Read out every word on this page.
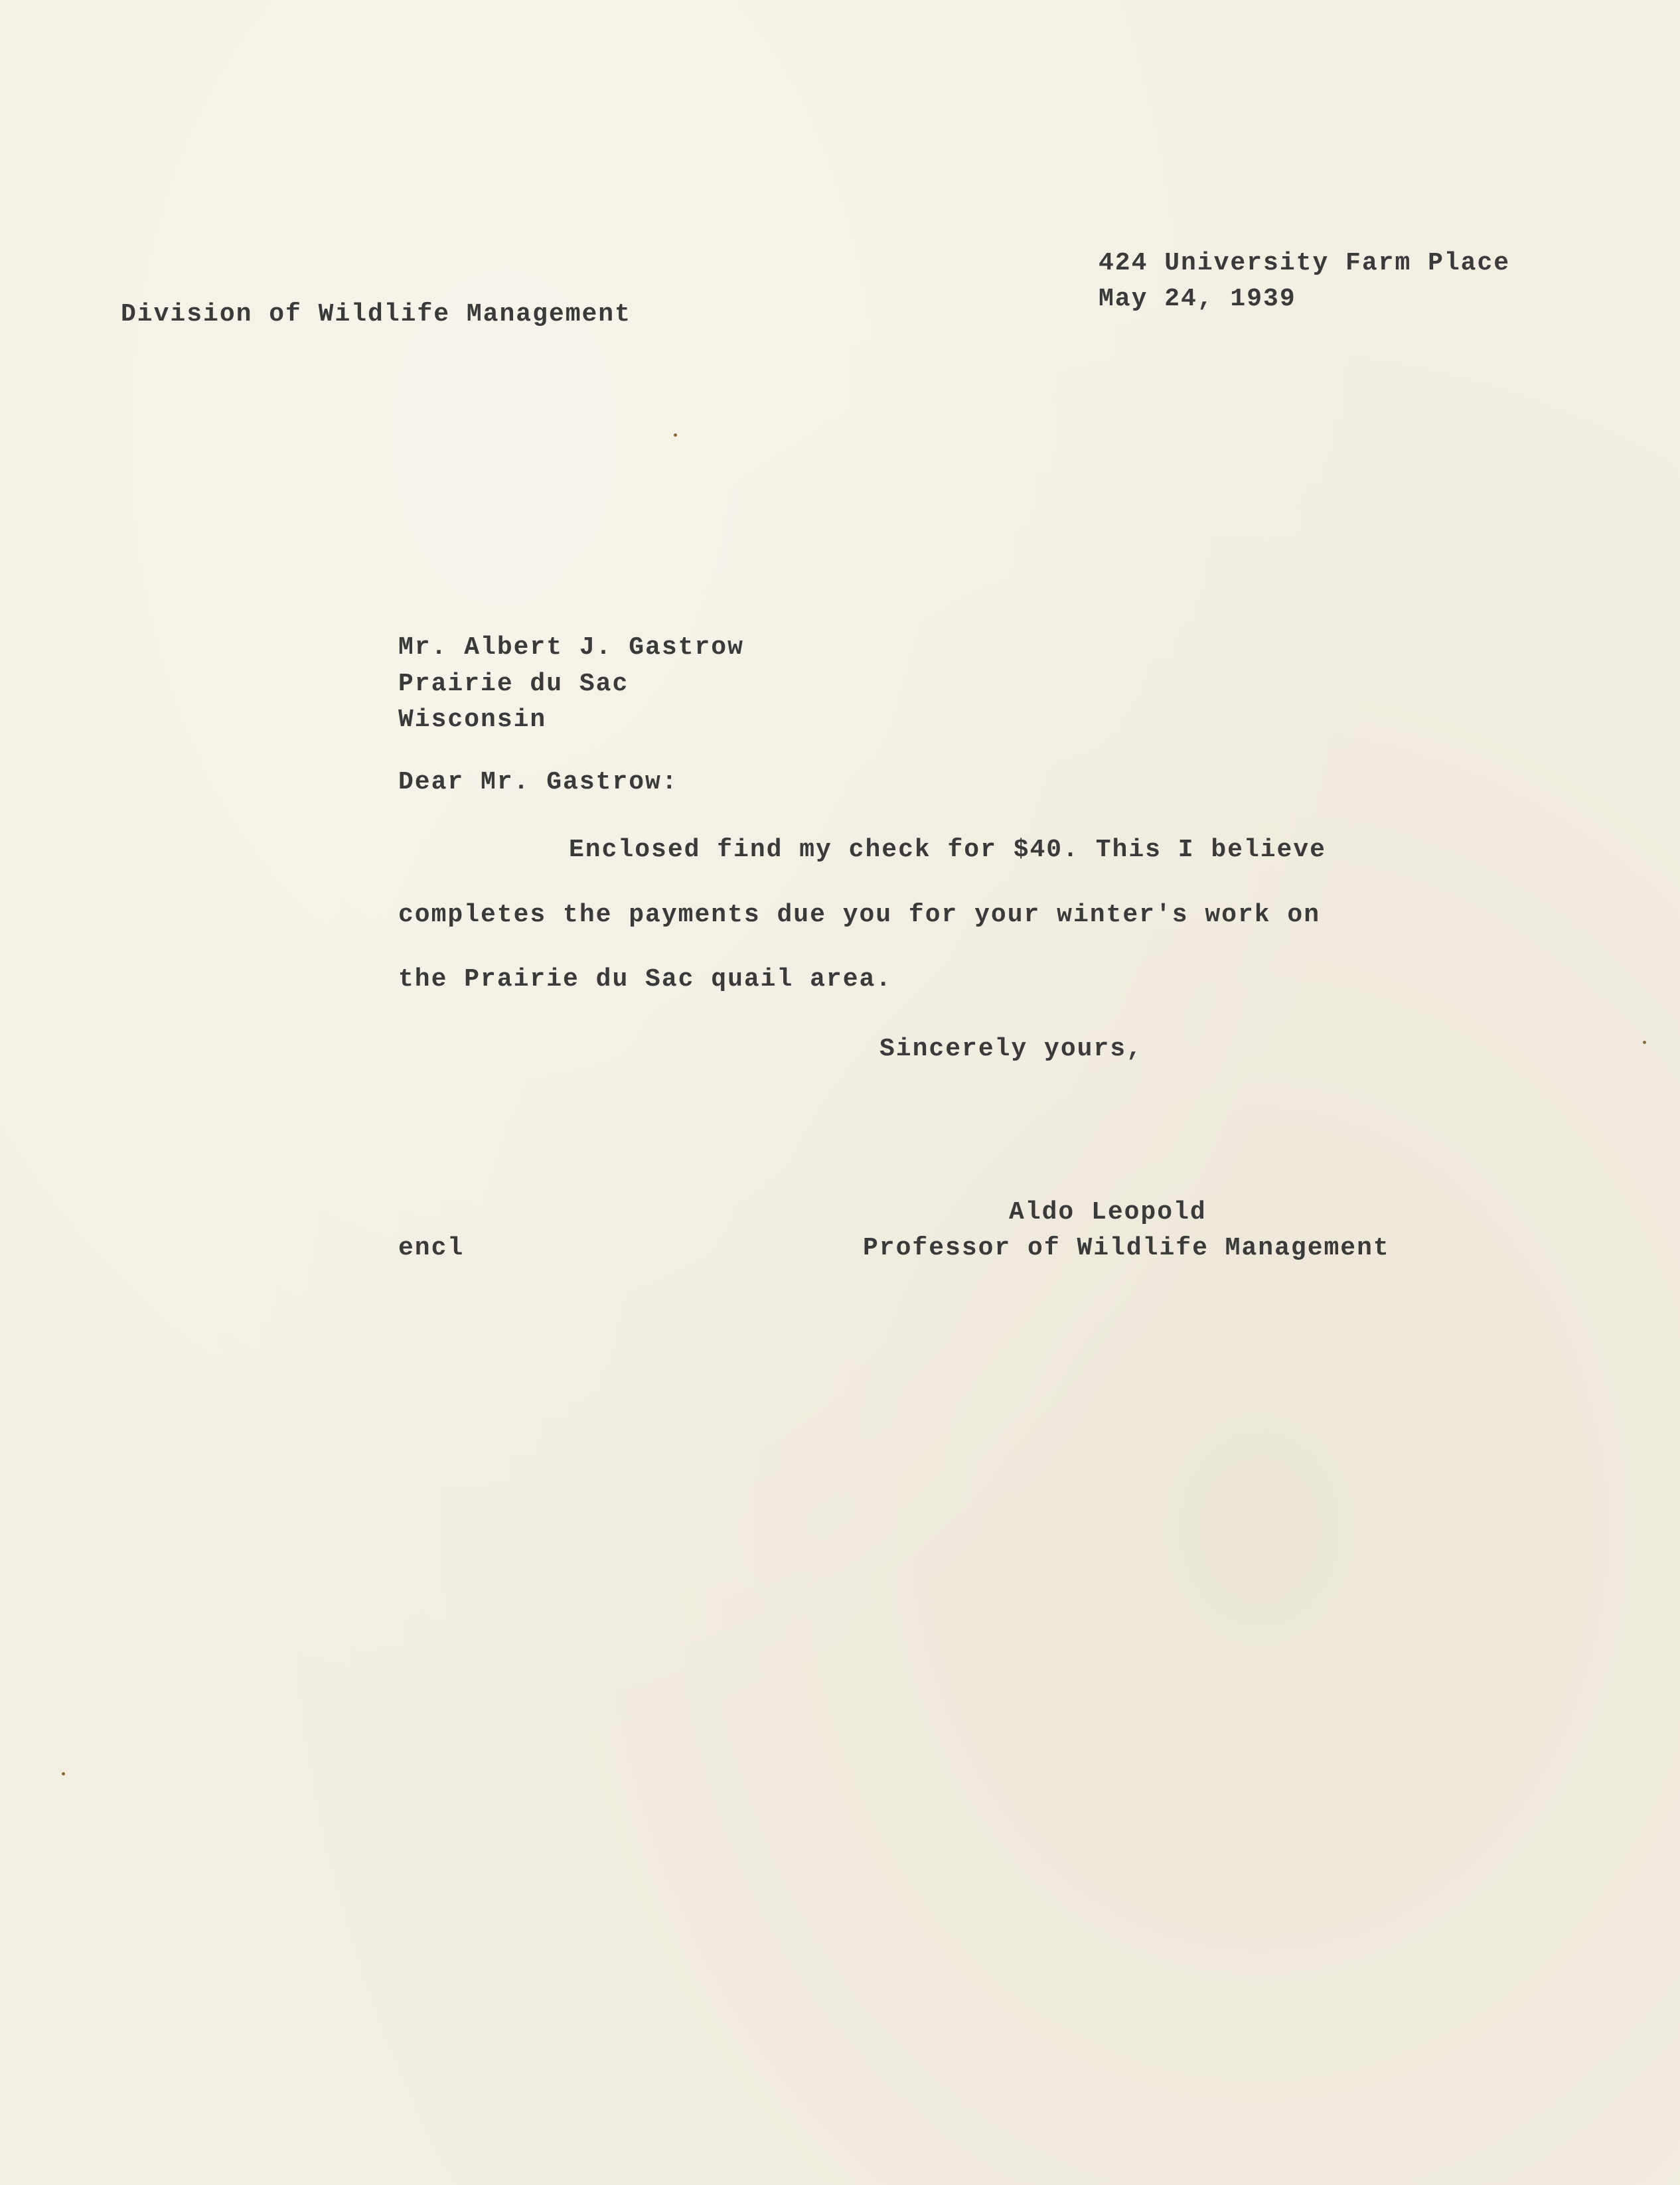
Division of Wildlife Management

424 University Farm Place

May 24, 1939

Mr. Albert J. Gastrow

Prairie du Sac

Wisconsin

Dear Mr. Gastrow:

Enclosed find my check for $40. This I believe

completes the payments due you for your winter's work on

the Prairie du Sac quail area.

Sincerely yours,

Aldo Leopold

Professor of Wildlife Management

encl
